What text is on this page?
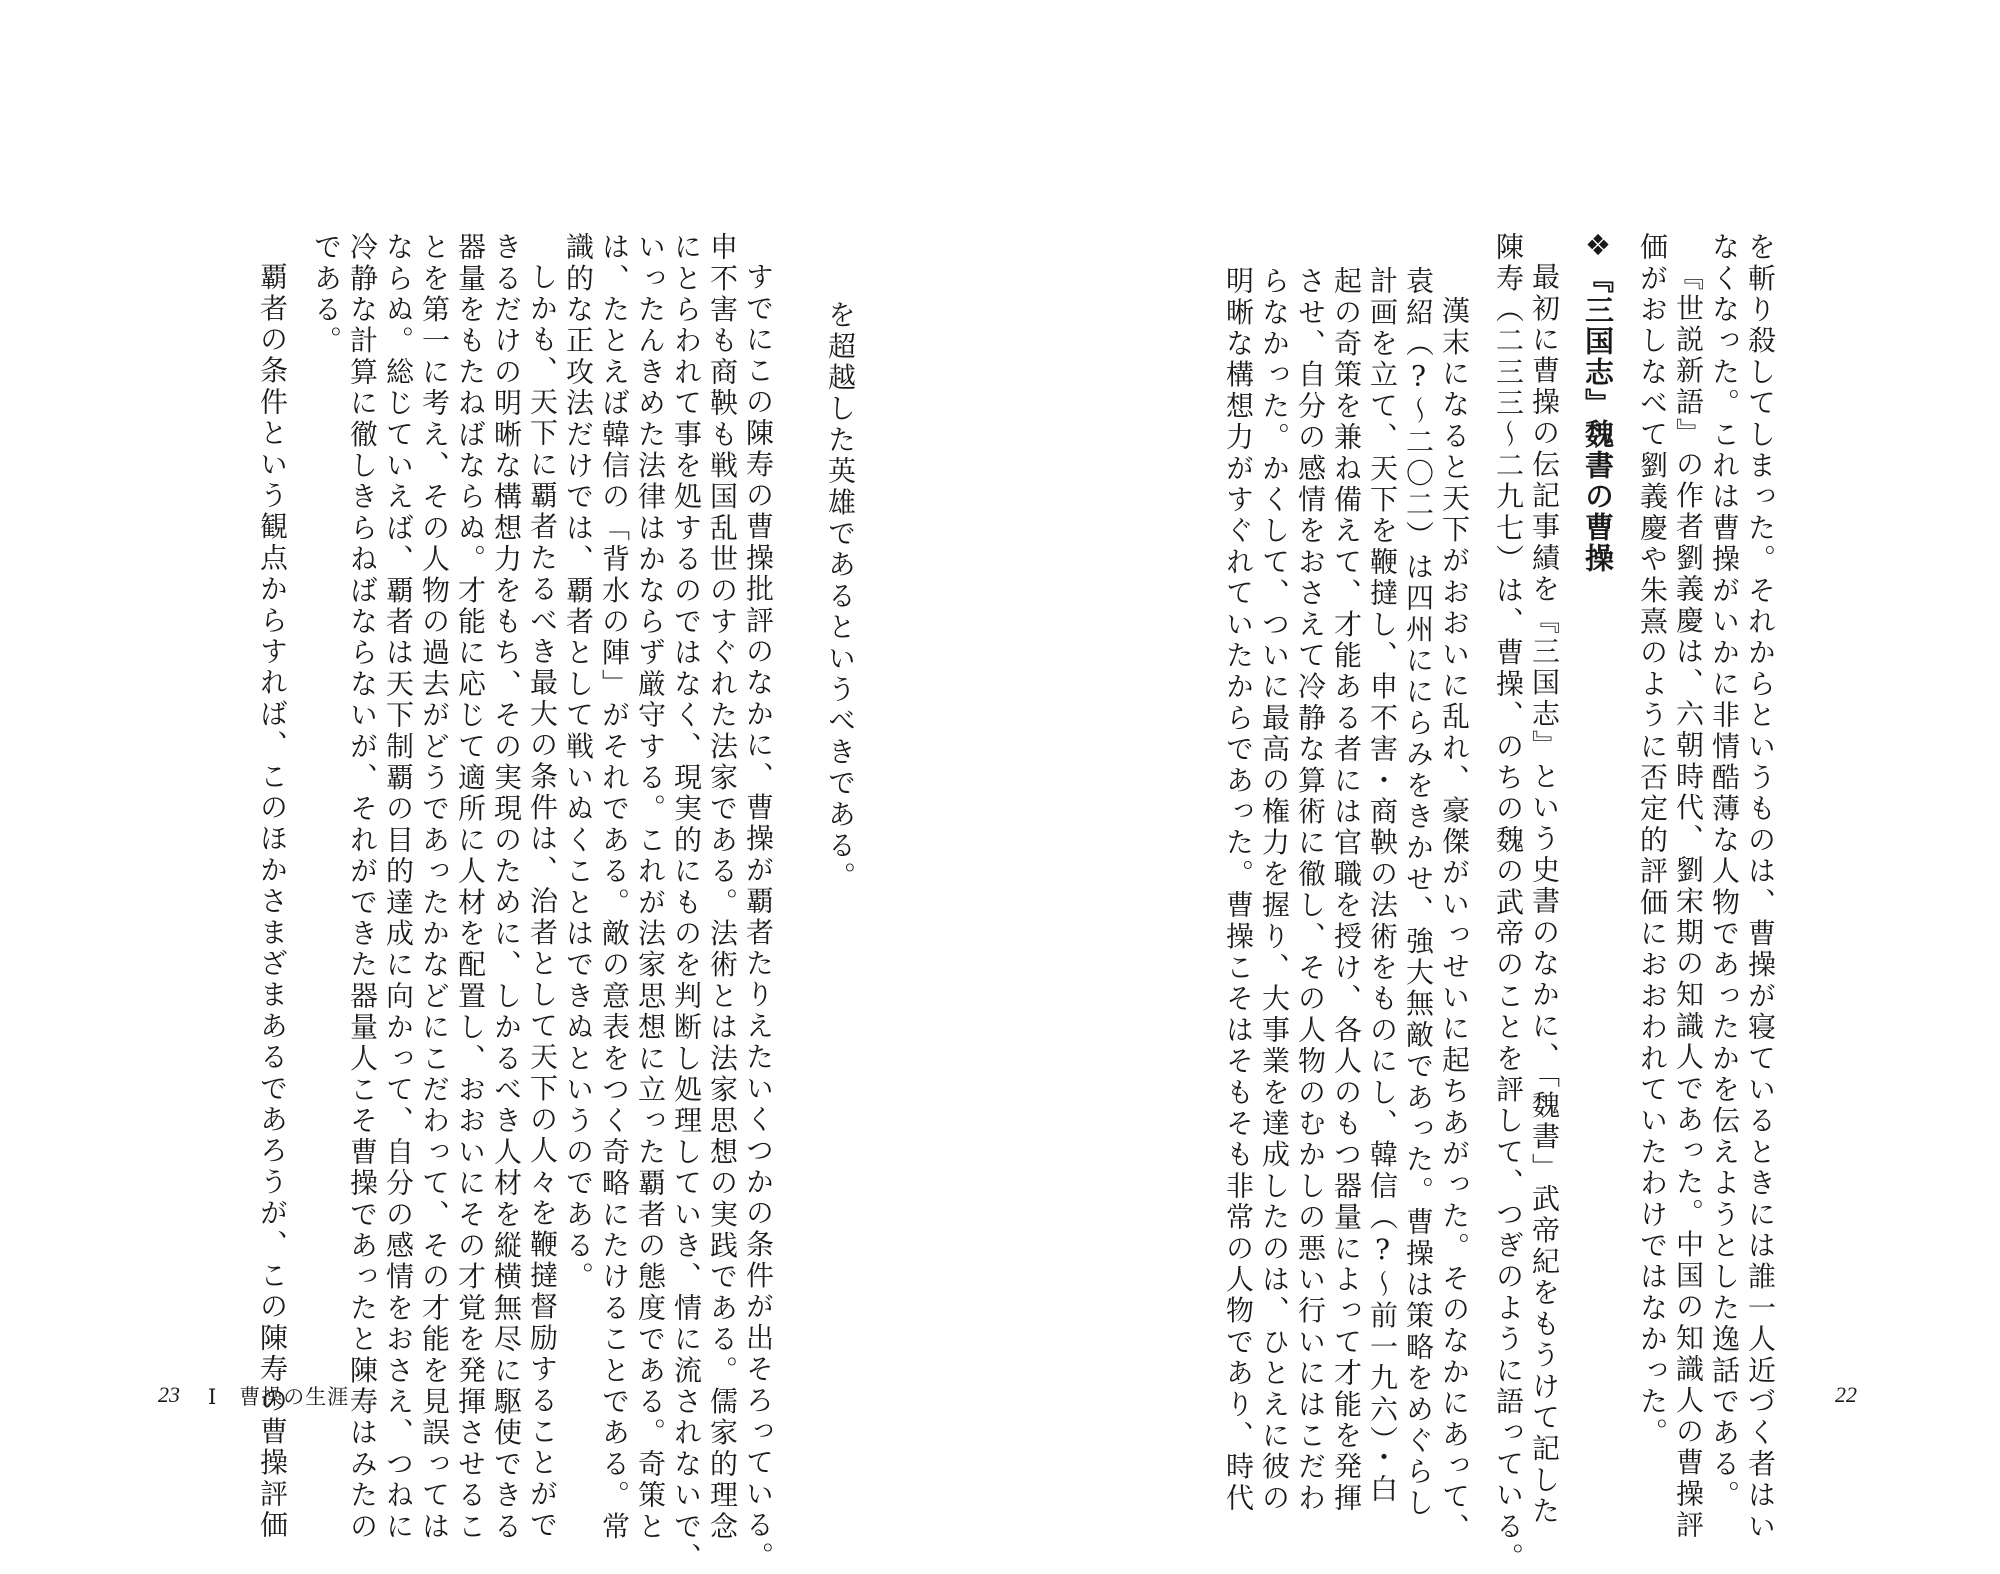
を斬り殺してしまった。それからというものは、曹操が寝ているときには誰一人近づく者はい
なくなった。これは曹操がいかに非情酷薄な人物であったかを伝えようとした逸話である。
『世説新語』の作者劉義慶は、六朝時代、劉宋期の知識人であった。中国の知識人の曹操評
価がおしなべて劉義慶や朱熹のように否定的評価におおわれていたわけではなかった。
❖『三国志』魏書の曹操
最初に曹操の伝記事績を『三国志』という史書のなかに、「魏書」武帝紀をもうけて記した
陳寿（二三三〜二九七）は、曹操、のちの魏の武帝のことを評して、つぎのように語っている。
漢末になると天下がおおいに乱れ、豪傑がいっせいに起ちあがった。そのなかにあって、
袁紹（?〜二〇二）は四州ににらみをきかせ、強大無敵であった。曹操は策略をめぐらし
計画を立て、天下を鞭撻し、申不害・商鞅の法術をものにし、韓信（?〜前一九六）・白
起の奇策を兼ね備えて、才能ある者には官職を授け、各人のもつ器量によって才能を発揮
させ、自分の感情をおさえて冷静な算術に徹し、その人物のむかしの悪い行いにはこだわ
らなかった。かくして、ついに最高の権力を握り、大事業を達成したのは、ひとえに彼の
明晰な構想力がすぐれていたからであった。曹操こそはそもそも非常の人物であり、時代	22
を超越した英雄であるというべきである。
すでにこの陳寿の曹操批評のなかに、曹操が覇者たりえたいくつかの条件が出そろっている。
申不害も商鞅も戦国乱世のすぐれた法家である。法術とは法家思想の実践である。儒家的理念
にとらわれて事を処するのではなく、現実的にものを判断し処理していき、情に流されないで、
いったんきめた法律はかならず厳守する。これが法家思想に立った覇者の態度である。奇策と
は、たとえば韓信の「背水の陣」がそれである。敵の意表をつく奇略にたけることである。常
識的な正攻法だけでは、覇者として戦いぬくことはできぬというのである。
しかも、天下に覇者たるべき最大の条件は、治者として天下の人々を鞭撻督励することがで
きるだけの明晰な構想力をもち、その実現のために、しかるべき人材を縦横無尽に駆使できる
器量をもたねばならぬ。才能に応じて適所に人材を配置し、おおいにその才覚を発揮させるこ
とを第一に考え、その人物の過去がどうであったかなどにこだわって、その才能を見誤っては
ならぬ。総じていえば、覇者は天下制覇の目的達成に向かって、自分の感情をおさえ、つねに
冷静な計算に徹しきらねばならないが、それができた器量人こそ曹操であったと陳寿はみたの
である。
覇者の条件という観点からすれば、このほかさまざまあるであろうが、この陳寿の曹操評価
23 Ⅰ　曹操の生涯
